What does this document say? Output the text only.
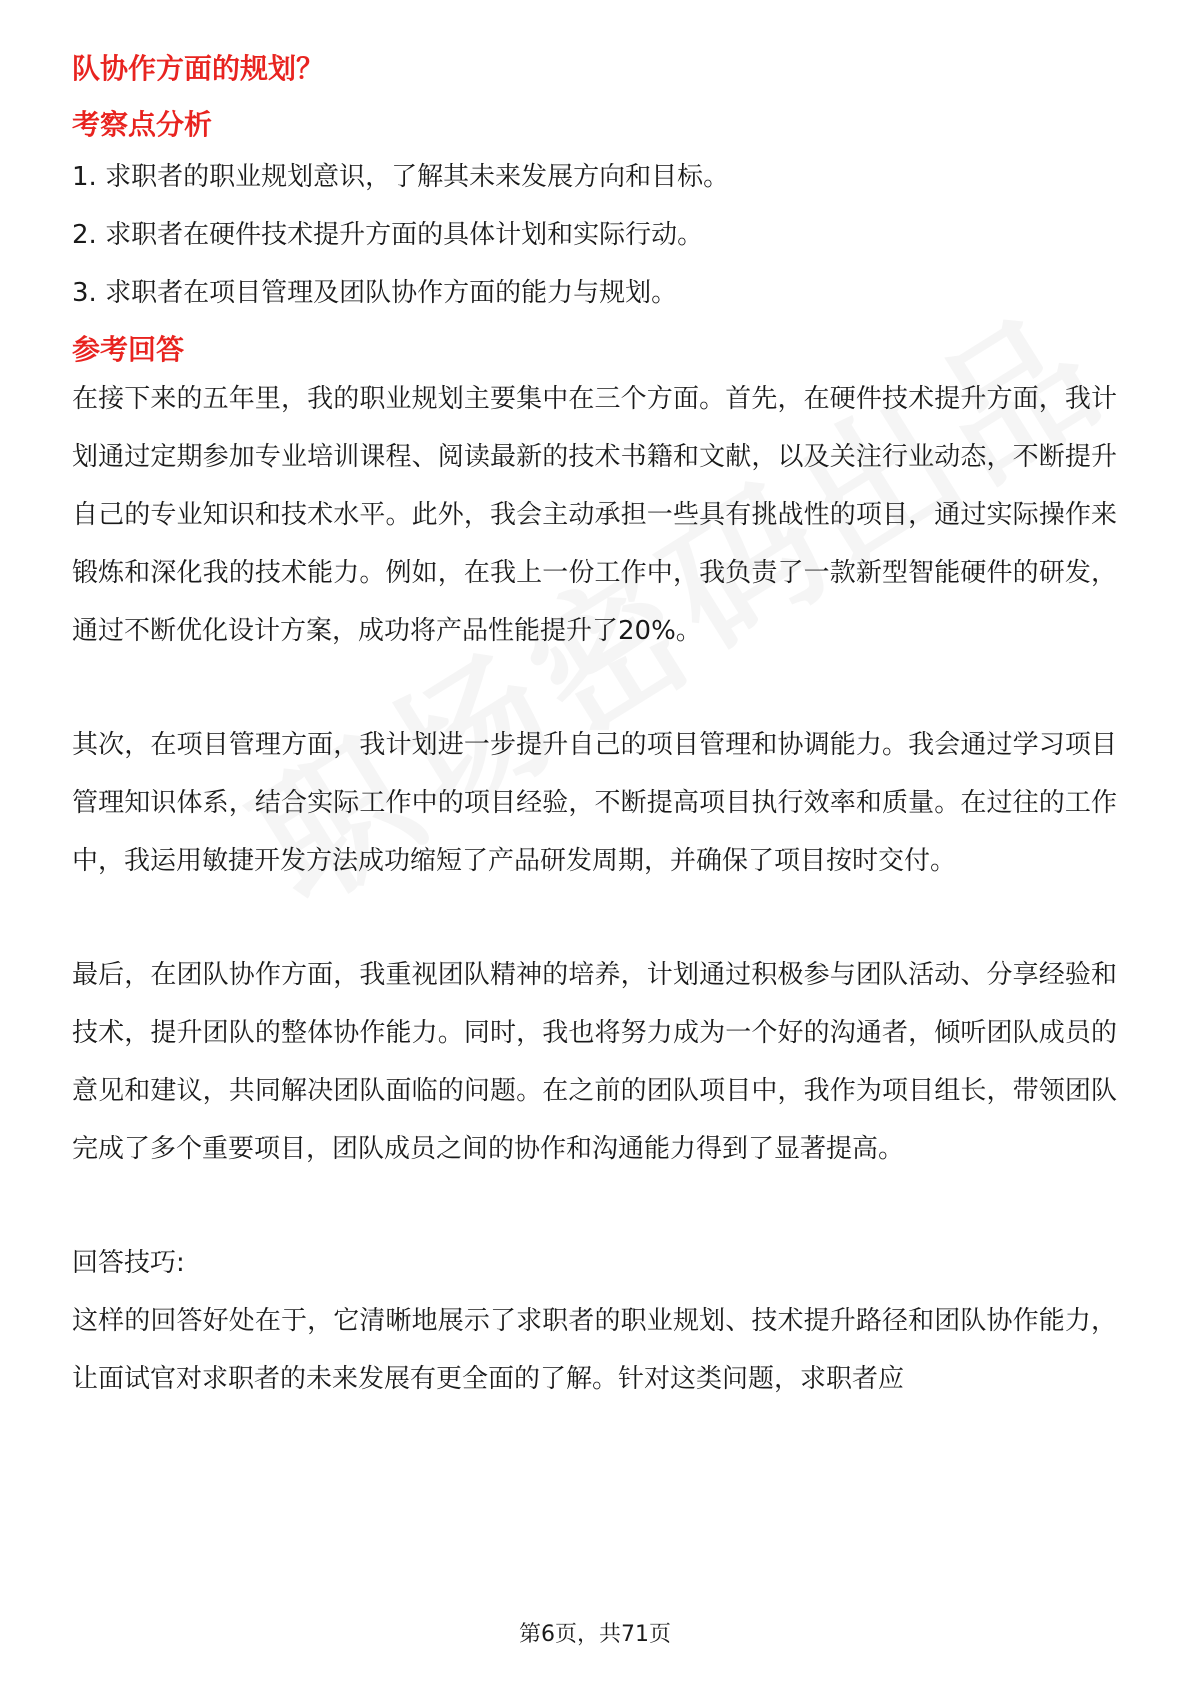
队协作方面的规划？

考察点分析

1. 求职者的职业规划意识，了解其未来发展方向和目标。
2. 求职者在硬件技术提升方面的具体计划和实际行动。
3. 求职者在项目管理及团队协作方面的能力与规划。

参考回答

在接下来的五年里，我的职业规划主要集中在三个方面。首先，在硬件技术提升方面，我计划通过定期参加专业培训课程、阅读最新的技术书籍和文献，以及关注行业动态，不断提升自己的专业知识和技术水平。此外，我会主动承担一些具有挑战性的项目，通过实际操作来锻炼和深化我的技术能力。例如，在我上一份工作中，我负责了一款新型智能硬件的研发，通过不断优化设计方案，成功将产品性能提升了20%。

其次，在项目管理方面，我计划进一步提升自己的项目管理和协调能力。我会通过学习项目管理知识体系，结合实际工作中的项目经验，不断提高项目执行效率和质量。在过往的工作中，我运用敏捷开发方法成功缩短了产品研发周期，并确保了项目按时交付。

最后，在团队协作方面，我重视团队精神的培养，计划通过积极参与团队活动、分享经验和技术，提升团队的整体协作能力。同时，我也将努力成为一个好的沟通者，倾听团队成员的意见和建议，共同解决团队面临的问题。在之前的团队项目中，我作为项目组长，带领团队完成了多个重要项目，团队成员之间的协作和沟通能力得到了显著提高。

回答技巧:

这样的回答好处在于，它清晰地展示了求职者的职业规划、技术提升路径和团队协作能力，让面试官对求职者的未来发展有更全面的了解。针对这类问题，求职者应

第6页，共71页
